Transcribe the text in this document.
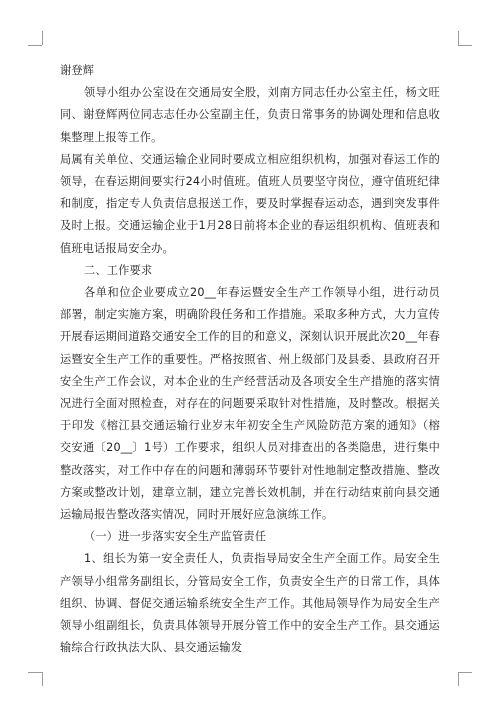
谢登辉

领导小组办公室设在交通局安全股，刘南方同志任办公室主任，杨文旺同、谢登辉两位同志志任办公室副主任，负责日常事务的协调处理和信息收集整理上报等工作。

局属有关单位、交通运输企业同时要成立相应组织机构，加强对春运工作的领导，在春运期间要实行24小时值班。值班人员要坚守岗位，遵守值班纪律和制度，指定专人负责信息报送工作，要及时掌握春运动态，遇到突发事件及时上报。交通运输企业于1月28日前将本企业的春运组织机构、值班表和值班电话报局安全办。

二、工作要求

各单和位企业要成立20__年春运暨安全生产工作领导小组，进行动员部署，制定实施方案，明确阶段任务和工作措施。采取多种方式，大力宣传开展春运期间道路交通安全工作的目的和意义，深刻认识开展此次20__年春运暨安全生产工作的重要性。严格按照省、州上级部门及县委、县政府召开安全生产工作会议，对本企业的生产经营活动及各项安全生产措施的落实情况进行全面对照检查，对存在的问题要采取针对性措施，及时整改。根据关于印发《榕江县交通运输行业岁末年初安全生产风险防范方案的通知》（榕交安通〔20__〕1号）工作要求，组织人员对排查出的各类隐患，进行集中整改落实，对工作中存在的问题和薄弱环节要针对性地制定整改措施、整改方案或整改计划，建章立制，建立完善长效机制，并在行动结束前向县交通运输局报告整改落实情况，同时开展好应急演练工作。

（一）进一步落实安全生产监管责任

1、组长为第一安全责任人，负责指导局安全生产全面工作。局安全生产领导小组常务副组长，分管局安全工作，负责安全生产的日常工作，具体组织、协调、督促交通运输系统安全生产工作。其他局领导作为局安全生产领导小组副组长，负责具体领导开展分管工作中的安全生产工作。县交通运输综合行政执法大队、县交通运输发
